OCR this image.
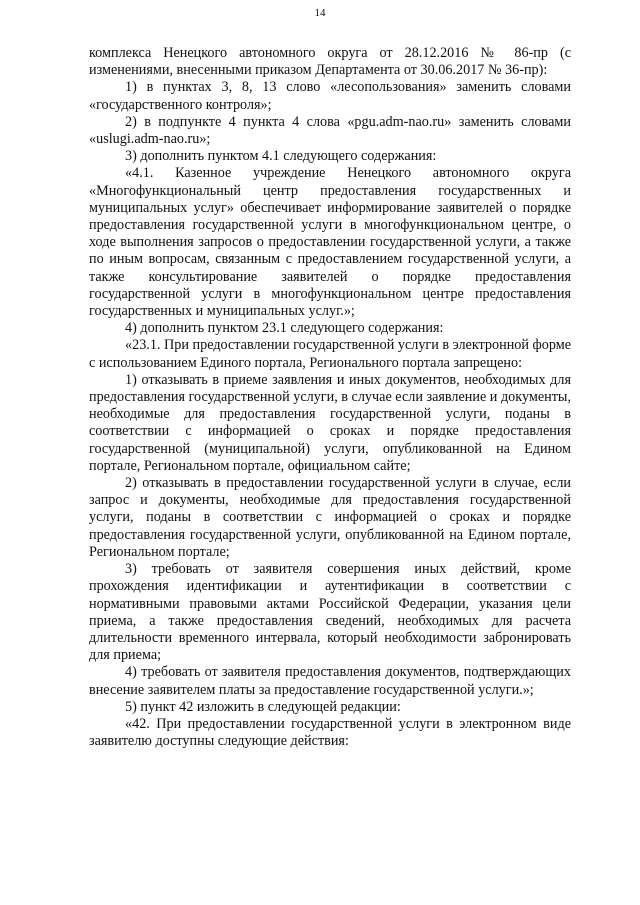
14

комплекса Ненецкого автономного округа от 28.12.2016 № 86-пр (с изменениями, внесенными приказом Департамента от 30.06.2017 № 36-пр):

1) в пунктах 3, 8, 13 слово «лесопользования» заменить словами «государственного контроля»;

2) в подпункте 4 пункта 4 слова «pgu.adm-nao.ru» заменить словами «uslugi.adm-nao.ru»;

3) дополнить пунктом 4.1 следующего содержания:

«4.1. Казенное учреждение Ненецкого автономного округа «Многофункциональный центр предоставления государственных и муниципальных услуг» обеспечивает информирование заявителей о порядке предоставления государственной услуги в многофункциональном центре, о ходе выполнения запросов о предоставлении государственной услуги, а также по иным вопросам, связанным с предоставлением государственной услуги, а также консультирование заявителей о порядке предоставления государственной услуги в многофункциональном центре предоставления государственных и муниципальных услуг.»;

4) дополнить пунктом 23.1 следующего содержания:

«23.1. При предоставлении государственной услуги в электронной форме с использованием Единого портала, Регионального портала запрещено:

1) отказывать в приеме заявления и иных документов, необходимых для предоставления государственной услуги, в случае если заявление и документы, необходимые для предоставления государственной услуги, поданы в соответствии с информацией о сроках и порядке предоставления государственной (муниципальной) услуги, опубликованной на Едином портале, Региональном портале, официальном сайте;

2) отказывать в предоставлении государственной услуги в случае, если запрос и документы, необходимые для предоставления государственной услуги, поданы в соответствии с информацией о сроках и порядке предоставления государственной услуги, опубликованной на Едином портале, Региональном портале;

3) требовать от заявителя совершения иных действий, кроме прохождения идентификации и аутентификации в соответствии с нормативными правовыми актами Российской Федерации, указания цели приема, а также предоставления сведений, необходимых для расчета длительности временного интервала, который необходимости забронировать для приема;

4) требовать от заявителя предоставления документов, подтверждающих внесение заявителем платы за предоставление государственной услуги.»;

5) пункт 42 изложить в следующей редакции:

«42. При предоставлении государственной услуги в электронном виде заявителю доступны следующие действия:
